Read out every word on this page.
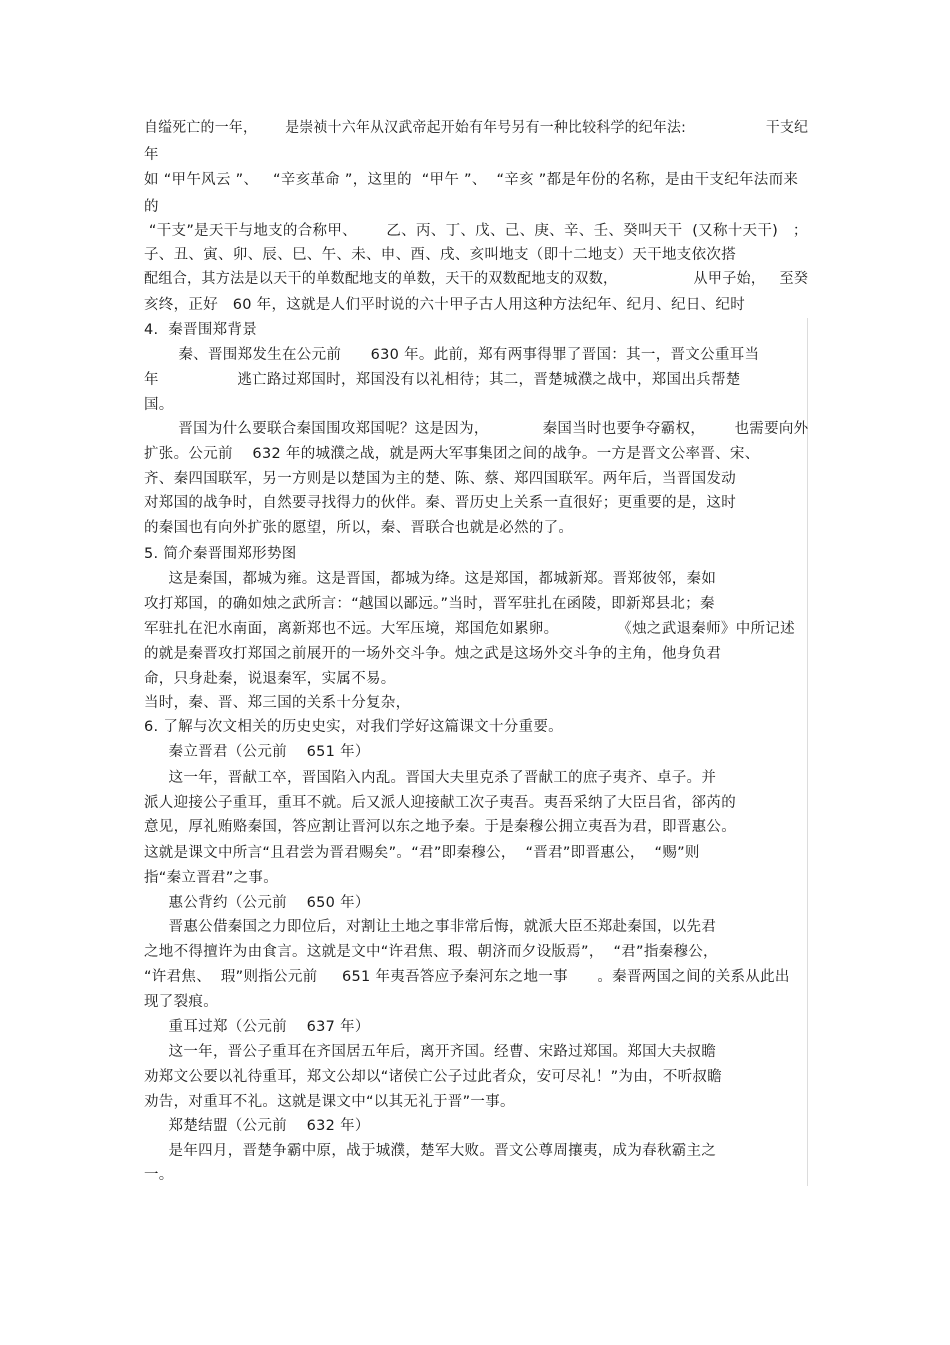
自缢死亡的一年，      是崇祯十六年从汉武帝起开始有年号另有一种比较科学的纪年法:                 干支纪
年
如 “甲午风云 ”、   “辛亥革命 ”，这里的  “甲午 ”、  “辛亥 ”都是年份的名称，是由干支纪年法而来
的
“干支”是天干与地支的合称甲、      乙、丙、丁、戊、己、庚、辛、壬、癸叫天干  (又称十天干)   ；
子、丑、寅、卯、辰、巳、午、未、申、酉、戌、亥叫地支（即十二地支）天干地支依次搭
配组合，其方法是以天干的单数配地支的单数，天干的双数配地支的双数，                从甲子始，   至癸
亥终，正好   60 年，这就是人们平时说的六十甲子古人用这种方法纪年、纪月、纪日、纪时
4.  秦晋围郑背景
秦、晋围郑发生在公元前      630 年。此前，郑有两事得罪了晋国：其一，晋文公重耳当
年                逃亡路过郑国时，郑国没有以礼相待；其二，晋楚城濮之战中，郑国出兵帮楚
国。
晋国为什么要联合秦国围攻郑国呢？这是因为，           秦国当时也要争夺霸权，      也需要向外
扩张。公元前    632 年的城濮之战，就是两大军事集团之间的战争。一方是晋文公率晋、宋、
齐、秦四国联军，另一方则是以楚国为主的楚、陈、蔡、郑四国联军。两年后，当晋国发动
对郑国的战争时，自然要寻找得力的伙伴。秦、晋历史上关系一直很好；更重要的是，这时
的秦国也有向外扩张的愿望，所以，秦、晋联合也就是必然的了。
5. 简介秦晋围郑形势图
这是秦国，都城为雍。这是晋国，都城为绛。这是郑国，都城新郑。晋郑彼邻，秦如
攻打郑国，的确如烛之武所言：“越国以鄙远。”当时，晋军驻扎在函陵，即新郑县北；秦
军驻扎在汜水南面，离新郑也不远。大军压境，郑国危如累卵。            《烛之武退秦师》中所记述
的就是秦晋攻打郑国之前展开的一场外交斗争。烛之武是这场外交斗争的主角，他身负君
命，只身赴秦，说退秦军，实属不易。
当时，秦、晋、郑三国的关系十分复杂，
6. 了解与次文相关的历史史实，对我们学好这篇课文十分重要。
秦立晋君（公元前    651 年）
这一年，晋献工卒，晋国陷入内乱。晋国大夫里克杀了晋献工的庶子夷齐、卓子。并
派人迎接公子重耳，重耳不就。后又派人迎接献工次子夷吾。夷吾采纳了大臣吕省，郤芮的
意见，厚礼贿赂秦国，答应割让晋河以东之地予秦。于是秦穆公拥立夷吾为君，即晋惠公。
这就是课文中所言“且君尝为晋君赐矣”。“君”即秦穆公，  “晋君”即晋惠公，  “赐”则
指“秦立晋君”之事。
惠公背约（公元前    650 年）
晋惠公借秦国之力即位后，对割让土地之事非常后悔，就派大臣丕郑赴秦国，以先君
之地不得擅许为由食言。这就是文中“许君焦、瑕、朝济而夕设版焉”，  “君”指秦穆公，
“许君焦、  瑕”则指公元前     651 年夷吾答应予秦河东之地一事      。秦晋两国之间的关系从此出
现了裂痕。
重耳过郑（公元前    637 年）
这一年，晋公子重耳在齐国居五年后，离开齐国。经曹、宋路过郑国。郑国大夫叔瞻
劝郑文公要以礼待重耳，郑文公却以“诸侯亡公子过此者众，安可尽礼！”为由，不听叔瞻
劝告，对重耳不礼。这就是课文中“以其无礼于晋”一事。
郑楚结盟（公元前    632 年）
是年四月，晋楚争霸中原，战于城濮，楚军大败。晋文公尊周攘夷，成为春秋霸主之
一。
